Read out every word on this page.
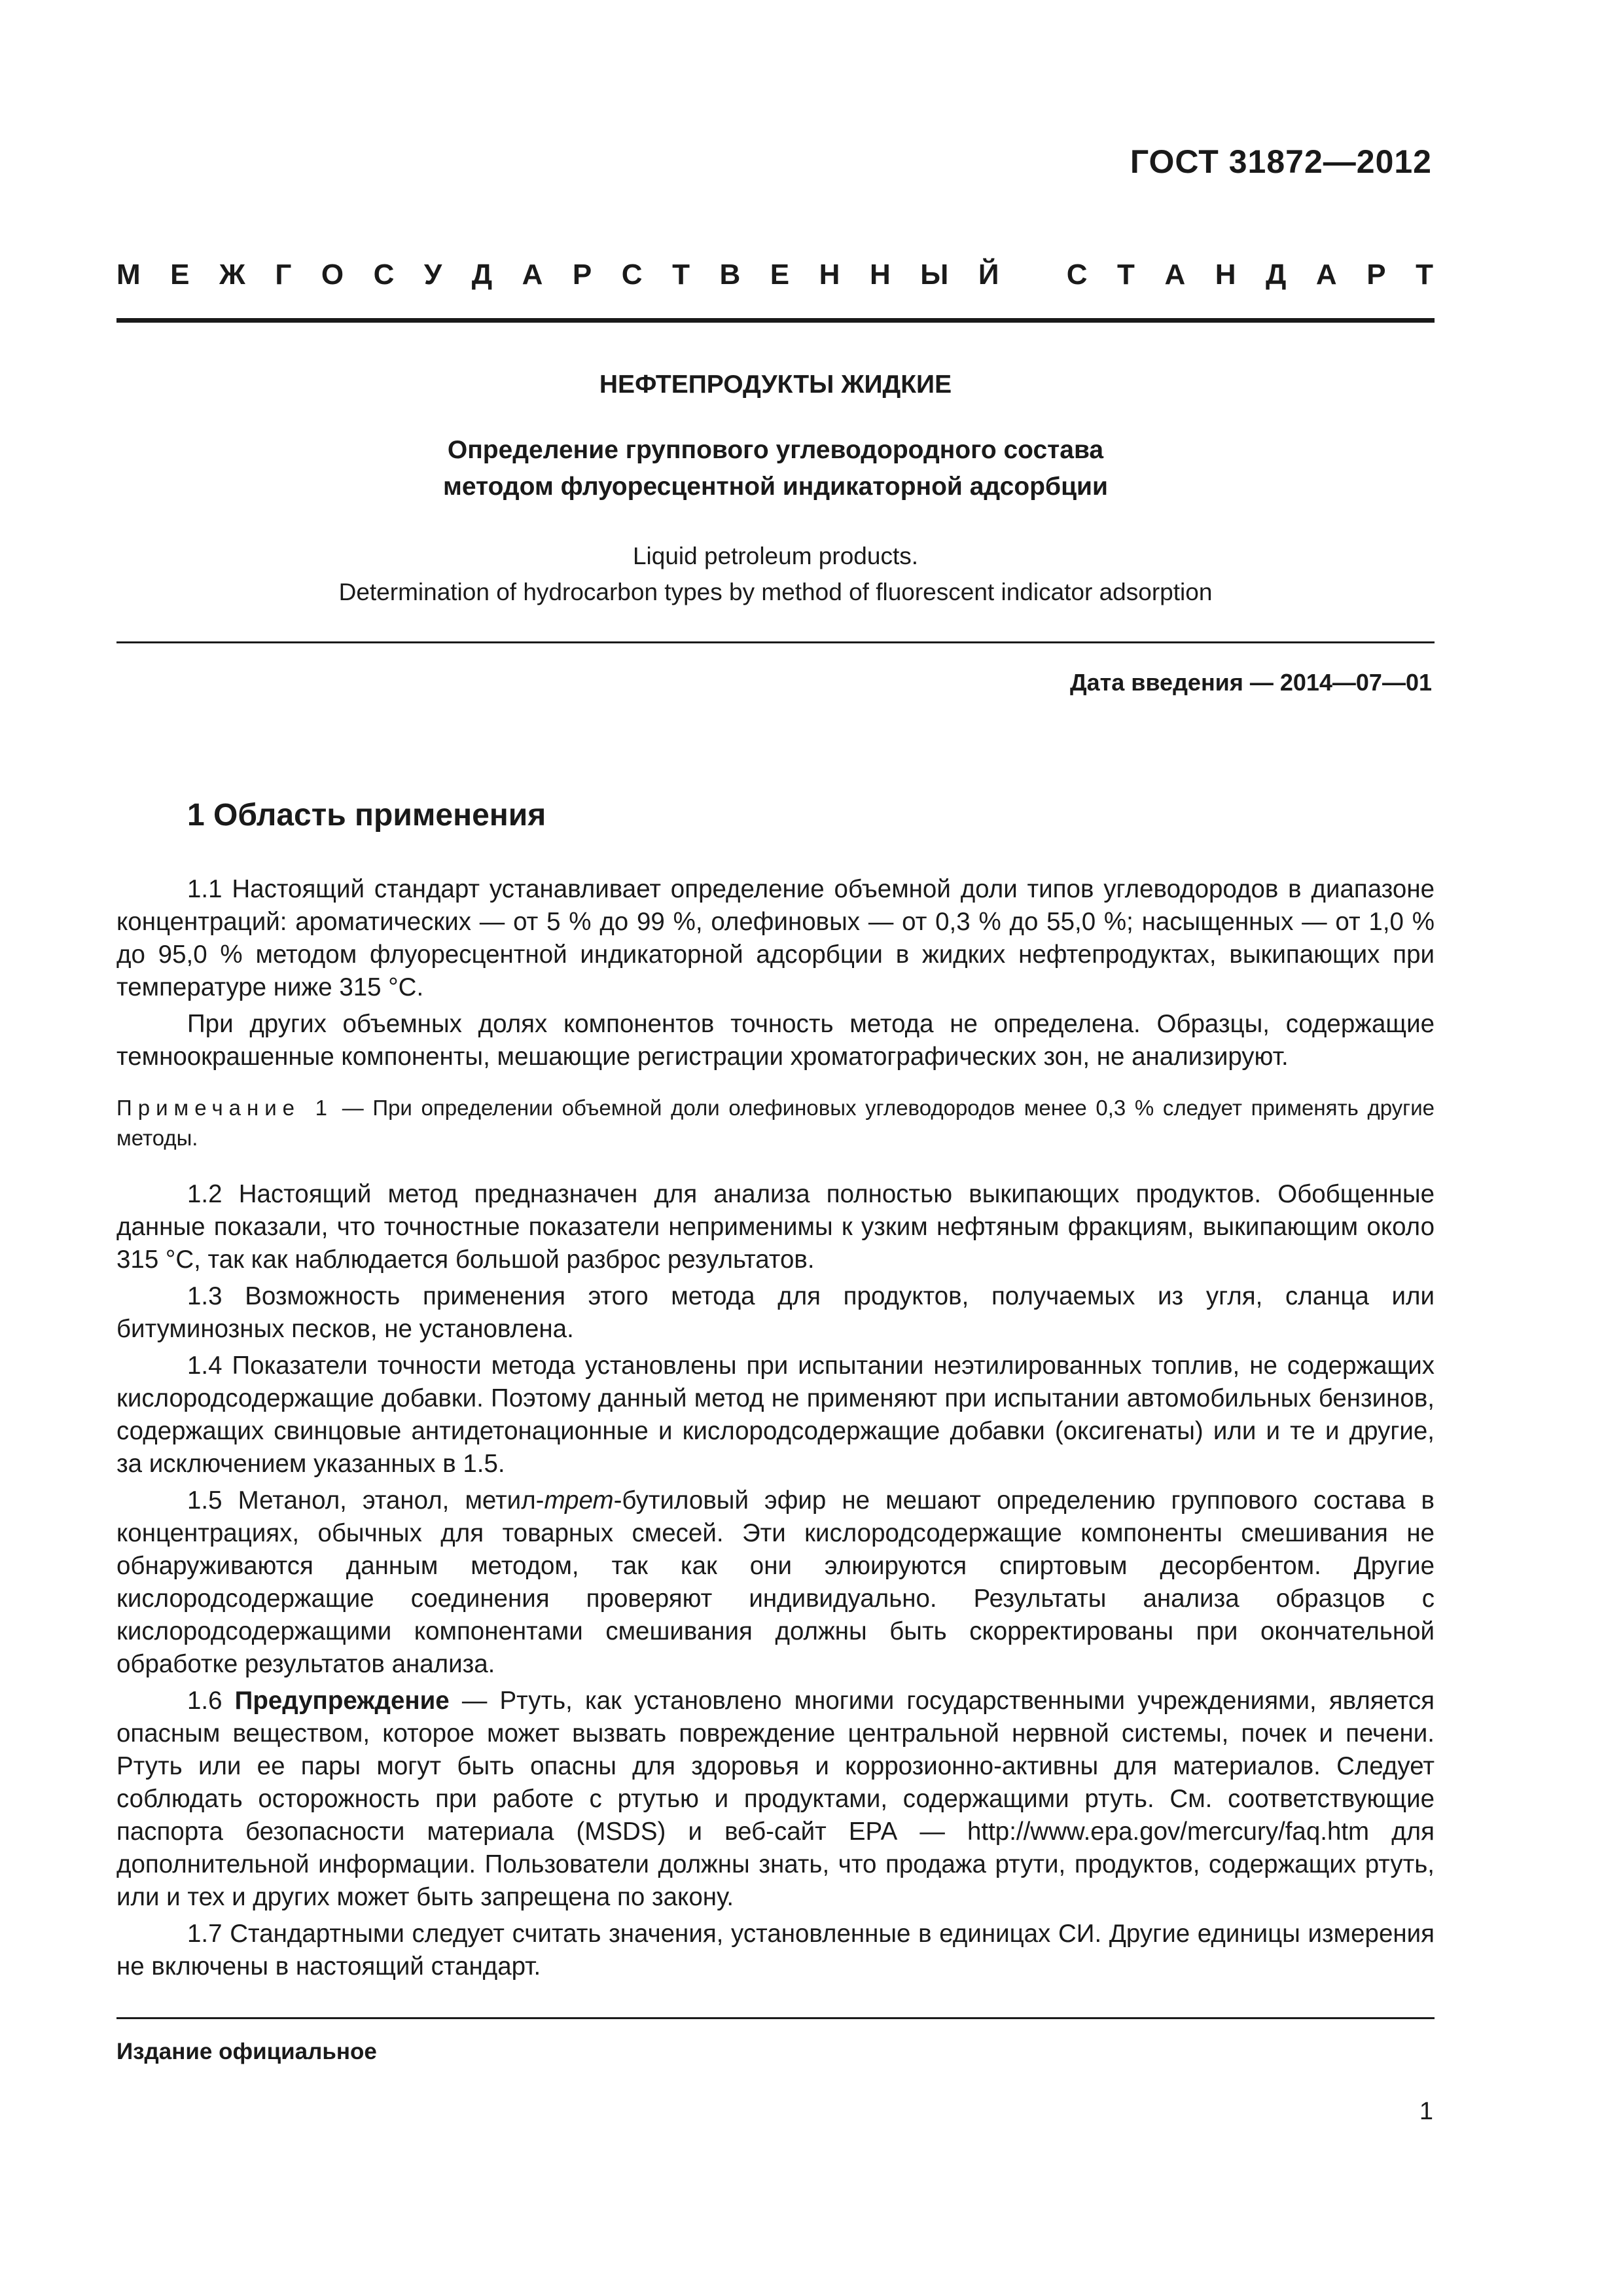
ГОСТ 31872—2012
М Е Ж Г О С У Д А Р С Т В Е Н Н Ы Й
С Т А Н Д А Р Т
НЕФТЕПРОДУКТЫ ЖИДКИЕ
Определение группового углеводородного состава
методом флуоресцентной индикаторной адсорбции
Liquid petroleum products.
Determination of hydrocarbon types by method of fluorescent indicator adsorption
Дата введения — 2014—07—01
1 Область применения

1.1 Настоящий стандарт устанавливает определение объемной доли типов углеводородов в диапазоне концентраций: ароматических — от 5 % до 99 %, олефиновых — от 0,3 % до 55,0 %; насыщенных — от 1,0 % до 95,0 % методом флуоресцентной индикаторной адсорбции в жидких нефтепродуктах, выкипающих при температуре ниже 315 °С.

При других объемных долях компонентов точность метода не определена. Образцы, содержащие темноокрашенные компоненты, мешающие регистрации хроматографических зон, не анализируют.

Примечание 1 — При определении объемной доли олефиновых углеводородов менее 0,3 % следует применять другие методы.

1.2 Настоящий метод предназначен для анализа полностью выкипающих продуктов. Обобщенные данные показали, что точностные показатели неприменимы к узким нефтяным фракциям, выкипающим около 315 °С, так как наблюдается большой разброс результатов.

1.3 Возможность применения этого метода для продуктов, получаемых из угля, сланца или битуминозных песков, не установлена.

1.4 Показатели точности метода установлены при испытании неэтилированных топлив, не содержащих кислородсодержащие добавки. Поэтому данный метод не применяют при испытании автомобильных бензинов, содержащих свинцовые антидетонационные и кислородсодержащие добавки (оксигенаты) или и те и другие, за исключением указанных в 1.5.

1.5 Метанол, этанол, метил-трет-бутиловый эфир не мешают определению группового состава в концентрациях, обычных для товарных смесей. Эти кислородсодержащие компоненты смешивания не обнаруживаются данным методом, так как они элюируются спиртовым десорбентом. Другие кислородсодержащие соединения проверяют индивидуально. Результаты анализа образцов с кислородсодержащими компонентами смешивания должны быть скорректированы при окончательной обработке результатов анализа.

1.6 Предупреждение — Ртуть, как установлено многими государственными учреждениями, является опасным веществом, которое может вызвать повреждение центральной нервной системы, почек и печени. Ртуть или ее пары могут быть опасны для здоровья и коррозионно-активны для материалов. Следует соблюдать осторожность при работе с ртутью и продуктами, содержащими ртуть. См. соответствующие паспорта безопасности материала (MSDS) и веб-сайт ЕРА — http://www.epa.gov/mercury/faq.htm для дополнительной информации. Пользователи должны знать, что продажа ртути, продуктов, содержащих ртуть, или и тех и других может быть запрещена по закону.

1.7 Стандартными следует считать значения, установленные в единицах СИ. Другие единицы измерения не включены в настоящий стандарт.

Издание официальное
1
